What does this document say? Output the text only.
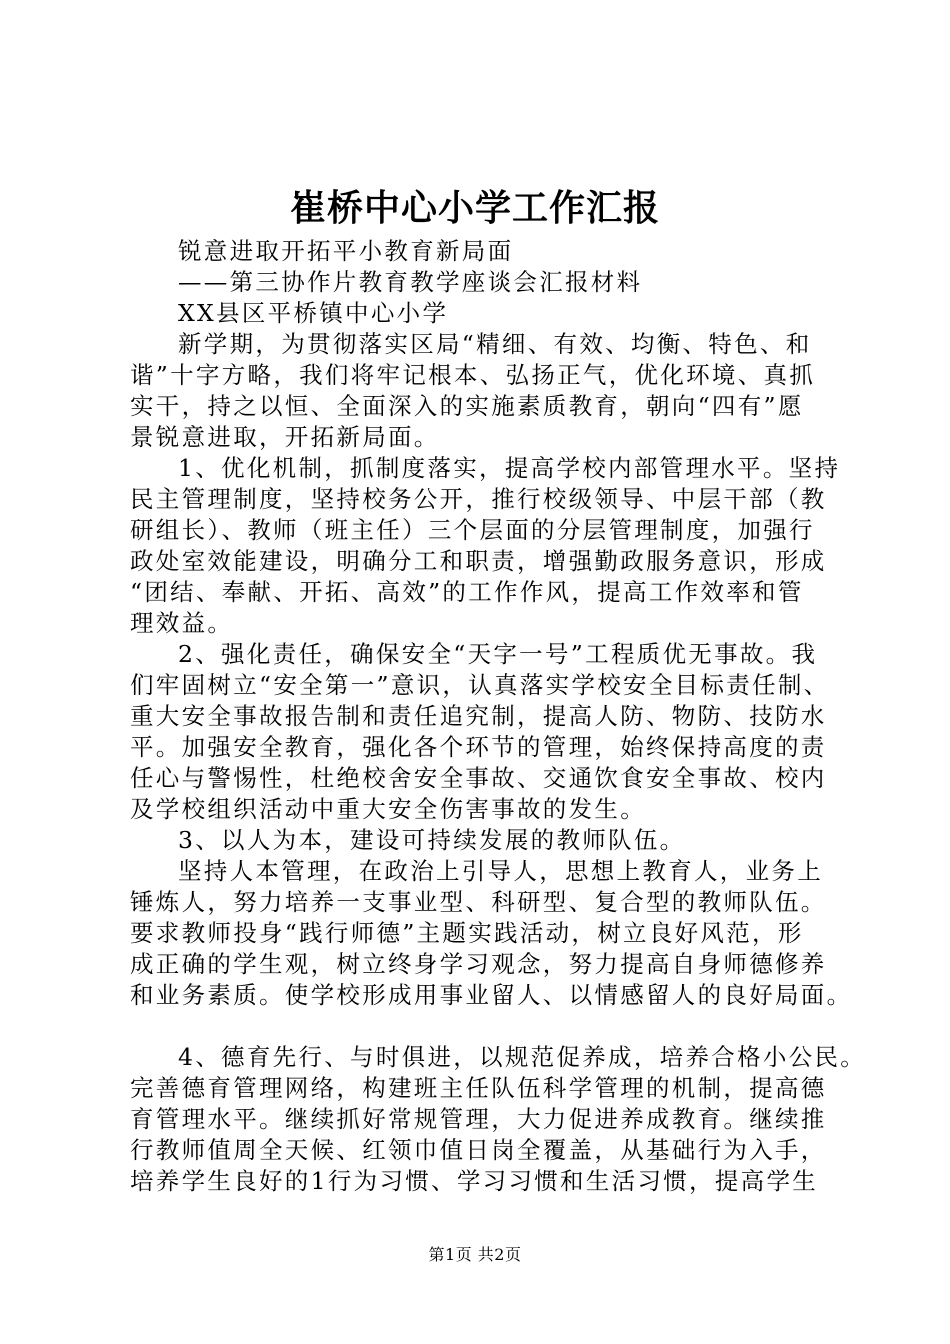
崔桥中心小学工作汇报
锐意进取开拓平小教育新局面
——第三协作片教育教学座谈会汇报材料
XX县区平桥镇中心小学
新学期，为贯彻落实区局“精细、有效、均衡、特色、和
谐”十字方略，我们将牢记根本、弘扬正气，优化环境、真抓
实干，持之以恒、全面深入的实施素质教育，朝向“四有”愿
景锐意进取，开拓新局面。
1、优化机制，抓制度落实，提高学校内部管理水平。坚持
民主管理制度，坚持校务公开，推行校级领导、中层干部（教
研组长）、教师（班主任）三个层面的分层管理制度，加强行
政处室效能建设，明确分工和职责，增强勤政服务意识，形成
“团结、奉献、开拓、高效”的工作作风，提高工作效率和管
理效益。
2、强化责任，确保安全“天字一号”工程质优无事故。我
们牢固树立“安全第一”意识，认真落实学校安全目标责任制、
重大安全事故报告制和责任追究制，提高人防、物防、技防水
平。加强安全教育，强化各个环节的管理，始终保持高度的责
任心与警惕性，杜绝校舍安全事故、交通饮食安全事故、校内
及学校组织活动中重大安全伤害事故的发生。
3、以人为本，建设可持续发展的教师队伍。
坚持人本管理，在政治上引导人，思想上教育人，业务上
锤炼人，努力培养一支事业型、科研型、复合型的教师队伍。
要求教师投身“践行师德”主题实践活动，树立良好风范，形
成正确的学生观，树立终身学习观念，努力提高自身师德修养
和业务素质。使学校形成用事业留人、以情感留人的良好局面。
4、德育先行、与时俱进，以规范促养成，培养合格小公民。
完善德育管理网络，构建班主任队伍科学管理的机制，提高德
育管理水平。继续抓好常规管理，大力促进养成教育。继续推
行教师值周全天候、红领巾值日岗全覆盖，从基础行为入手，
培养学生良好的1行为习惯、学习习惯和生活习惯，提高学生
第1页 共2页
